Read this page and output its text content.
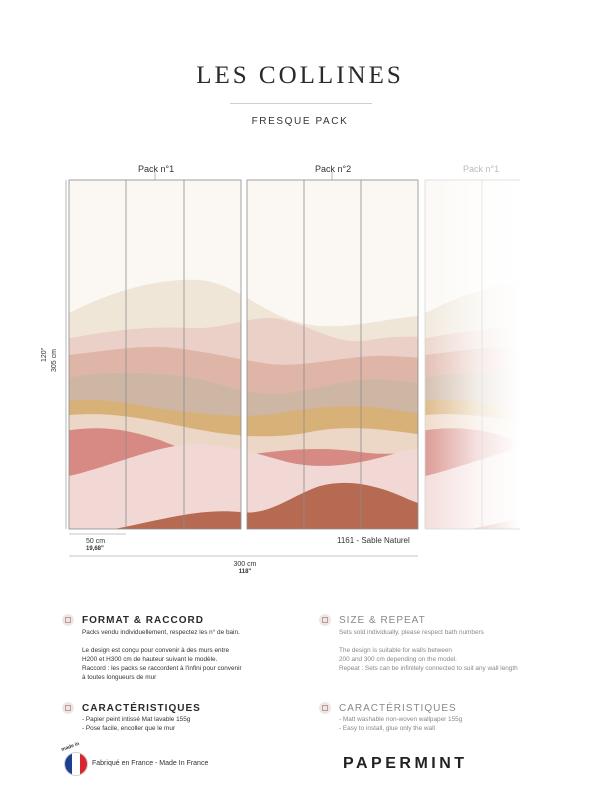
LES COLLINES
FRESQUE PACK
Pack n°1	Pack n°2	Pack n°1
120" 305 cm
50 cm
19,68"
1161 - Sable Naturel
300 cm
118"
FORMAT & RACCORD

Packs vendu individuellement, respectez les n° de bain.

Le design est conçu pour convenir à des murs entre

H200 et H300 cm de hauteur suivant le modèle.

Raccord : les packs se raccordent à l'infini pour convenir

à toutes longueurs de mur

SIZE & REPEAT

Sets sold individually, please respect bath numbers

The design is suitable for walls between

200 and 300 cm depending on the model.

Repeat : Sets can be infinitely connected to suit any wall length

CARACTÉRISTIQUES

- Papier peint intissé Mat lavable 155g

- Pose facile, encoller que le mur

CARACTÉRISTIQUES

- Matt washable non-woven wallpaper 155g

- Easy to install, glue only the wall

made in
Fabriqué en France - Made In France	PAPERMINT
